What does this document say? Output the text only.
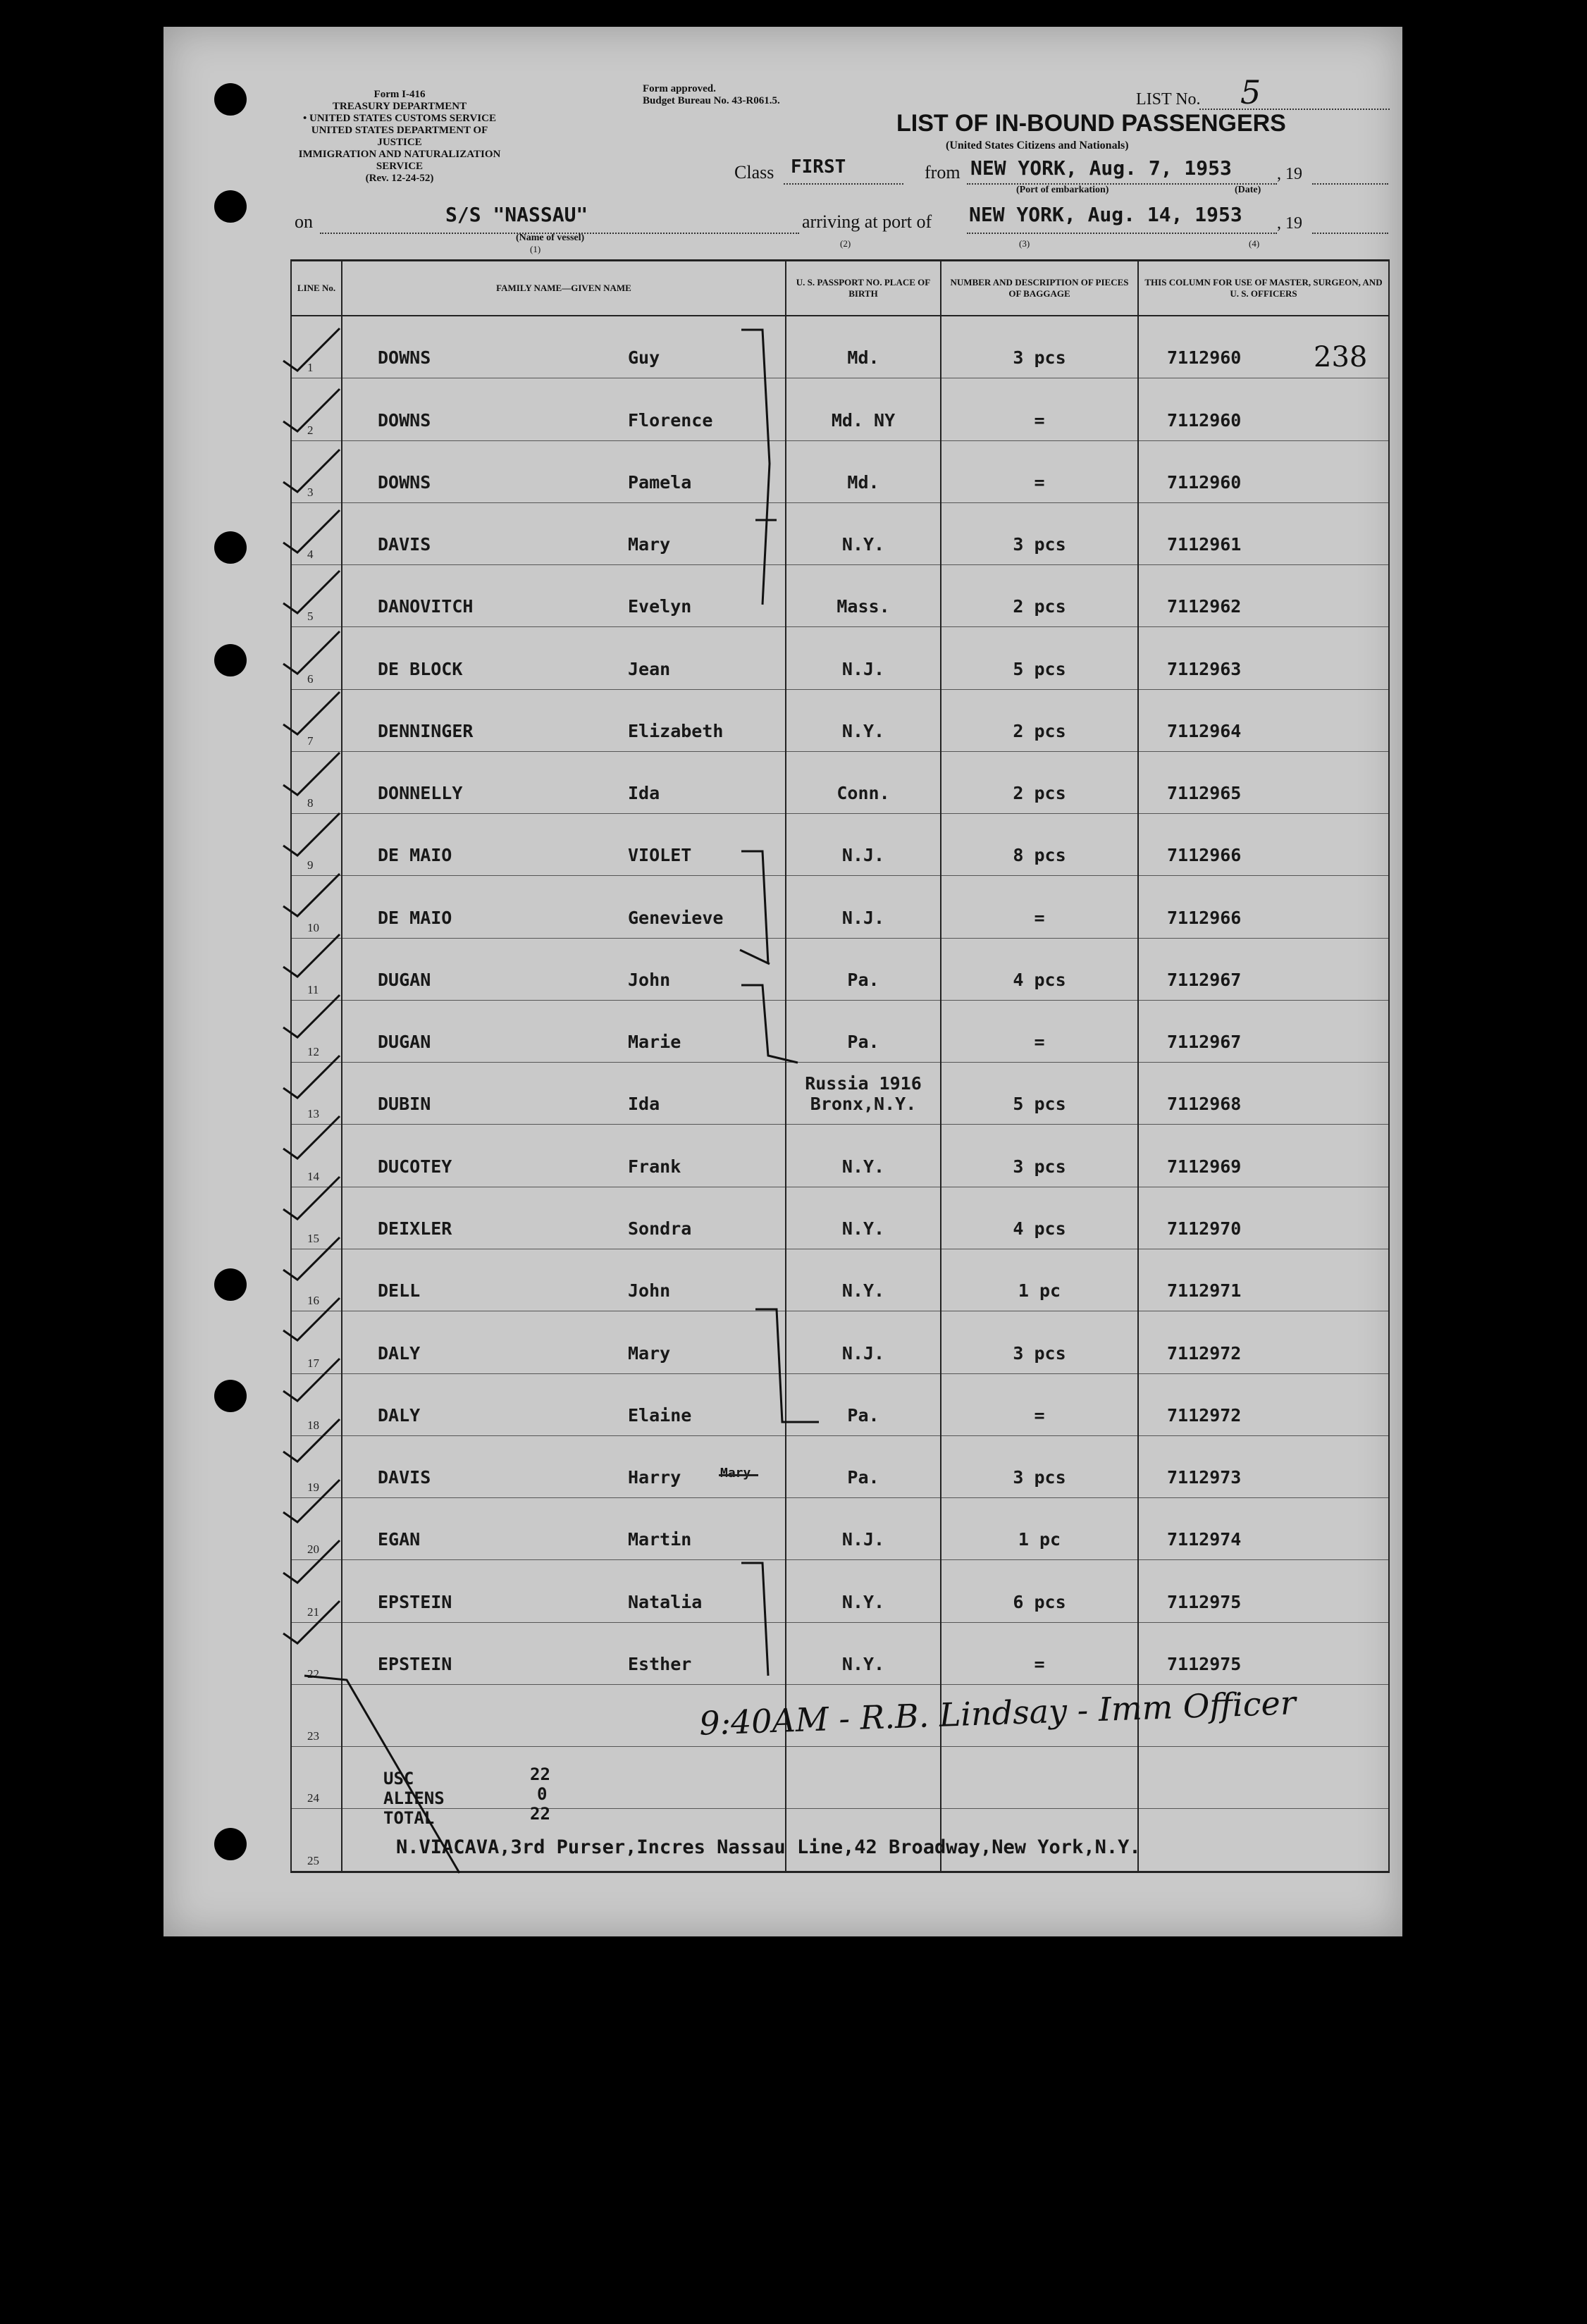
Form I-416
TREASURY DEPARTMENT
• UNITED STATES CUSTOMS SERVICE
UNITED STATES DEPARTMENT OF JUSTICE
IMMIGRATION AND NATURALIZATION SERVICE
(Rev. 12-24-52)
Form approved.
Budget Bureau No. 43-R061.5.	LIST No. 5
LIST OF IN-BOUND PASSENGERS
(United States Citizens and Nationals)
Class FIRST	from NEW YORK, Aug. 7, 1953	, 19
(Port of embarkation)	(Date)
on	S/S "NASSAU"
(Name of vessel)
(1)
arriving at port of NEW YORK, Aug. 14, 1953 , 19
(2)	(3)	(4)
LINE No.	FAMILY NAME—GIVEN NAME	U. S. PASSPORT NO. PLACE OF BIRTH	NUMBER AND DESCRIPTION OF PIECES OF BAGGAGE	THIS COLUMN FOR USE OF MASTER, SURGEON, AND U. S. OFFICERS

1	DOWNS Guy	Md.	3 pcs	7112960

2	DOWNS Florence	Md. NY	=	7112960

3	DOWNS Pamela	Md.	=	7112960

4	DAVIS Mary	N.Y.	3 pcs	7112961

5	DANOVITCH Evelyn	Mass.	2 pcs	7112962

6	DE BLOCK Jean	N.J.	5 pcs	7112963

7	DENNINGER Elizabeth	N.Y.	2 pcs	7112964

8	DONNELLY Ida	Conn.	2 pcs	7112965

9	DE MAIO VIOLET	N.J.	8 pcs	7112966

10	DE MAIO Genevieve	N.J.	=	7112966

11	DUGAN John	Pa.	4 pcs	7112967

12	DUGAN Marie	Pa.	=	7112967

13	DUBIN Ida	Russia 1916 Bronx,N.Y.	5 pcs	7112968

14	DUCOTEY Frank	N.Y.	3 pcs	7112969

15	DEIXLER Sondra	N.Y.	4 pcs	7112970

16	DELL John	N.Y.	1 pc	7112971

17	DALY Mary	N.J.	3 pcs	7112972

18	DALY Elaine	Pa.	=	7112972

19	DAVIS Harry	Pa.	3 pcs	7112973

20	EGAN Martin	N.J.	1 pc	7112974

21	EPSTEIN Natalia	N.Y.	6 pcs	7112975

22	EPSTEIN Esther	N.Y.	=	7112975

23				

24				

25				

238
9:40AM - R.B. Lindsay - Imm Officer
Mary
USC	22
ALIENS	0
TOTAL	22
N.VIACAVA,3rd Purser,Incres Nassau Line,42 Broadway,New York,N.Y.
